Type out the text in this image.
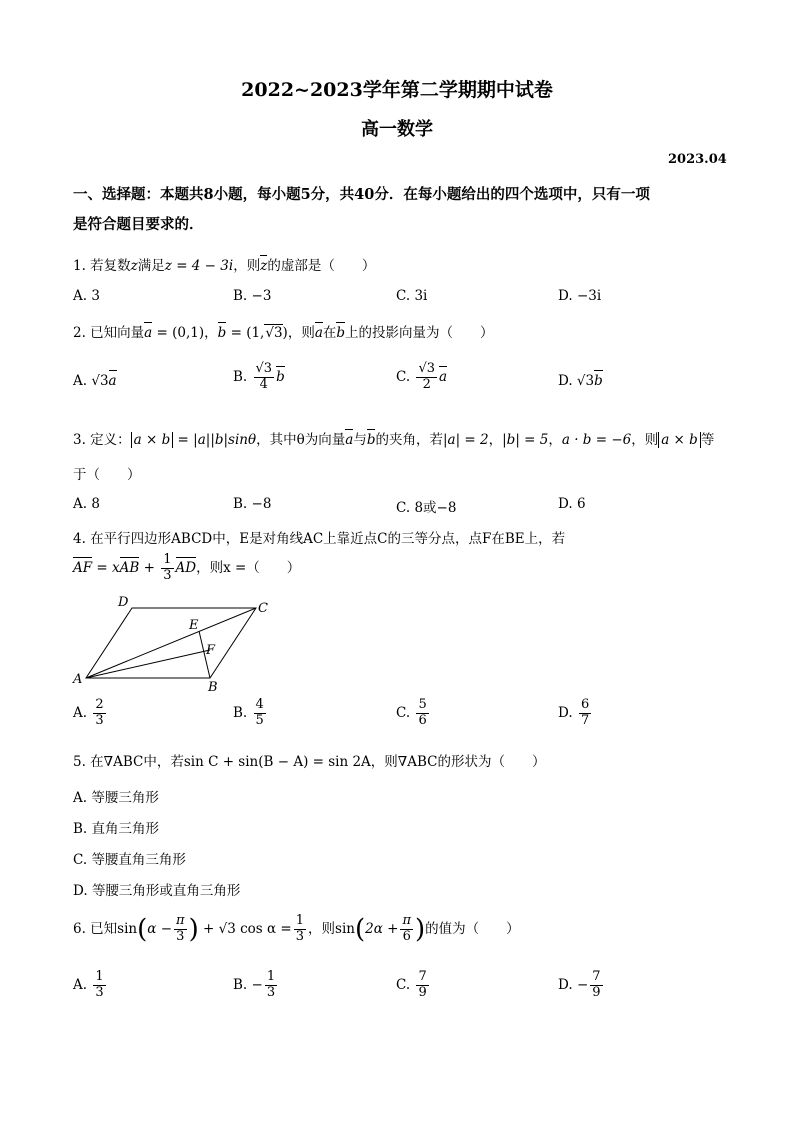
2022~2023学年第二学期期中试卷
高一数学
2023.04
一、选择题：本题共8小题，每小题5分，共40分．在每小题给出的四个选项中，只有一项
是符合题目要求的．
1. 若复数z满足z = 4 − 3i，则z的虚部是（　　）
A. 3	B. −3	C. 3i	D. −3i
2. 已知向量a = (0,1)，b = (1,√3)，则a在b上的投影向量为（　　）
A. √3a	B. $\frac{√3}{4}$ b	C. $\frac{√3}{2}$ a	D. √3b
3. 定义： a × b = |a||b|sinθ，其中θ为向量a与b的夹角，若|a| = 2，|b| = 5，a · b = −6，则 a × b 等
于（　　）
A. 8	B. −8	C. 8或−8	D. 6
4. 在平行四边形ABCD中，E是对角线AC上靠近点C的三等分点，点F在BE上，若
AF = xAB + $\frac{1}{3}$ AD，则x =（　　）
A
B
C
D
E
F
A. $\frac{2}{3}$	B. $\frac{4}{5}$	C. $\frac{5}{6}$	D. $\frac{6}{7}$
5. 在∇ABC中，若sin C + sin(B − A) = sin 2A，则∇ABC的形状为（　　）
A. 等腰三角形
B. 直角三角形
C. 等腰直角三角形
D. 等腰三角形或直角三角形
6. 已知$\sin(\alpha - \frac{\pi}{3}$ ) + √3 $\cos \alpha = \frac{1}{3}$ ，则$\sin(2\alpha + \frac{\pi}{6}$ )的值为（　　）
A. $\frac{1}{3}$	B. − $\frac{1}{3}$	C. $\frac{7}{9}$	D. − $\frac{7}{9}$
